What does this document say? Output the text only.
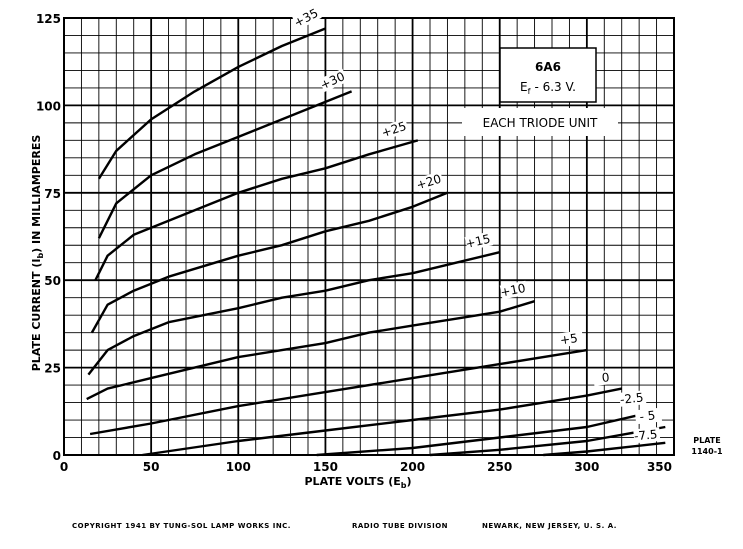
+35
+30
+25
+20
+15
+10
+5
0
-2.5
- 5
-7.5
0	50	100	150	200	250	300	350
0
25
50
75
100
125
PLATE CURRENT $(I_b)$ IN MILLIAMPERES
PLATE VOLTS $(E_b)$
6A6
$E_f - 6.3$ V.
EACH TRIODE UNIT
PLATE
1140-1
COPYRIGHT 1941 BY TUNG-SOL LAMP WORKS INC.	RADIO TUBE DIVISION	NEWARK, NEW JERSEY, U. S. A.
